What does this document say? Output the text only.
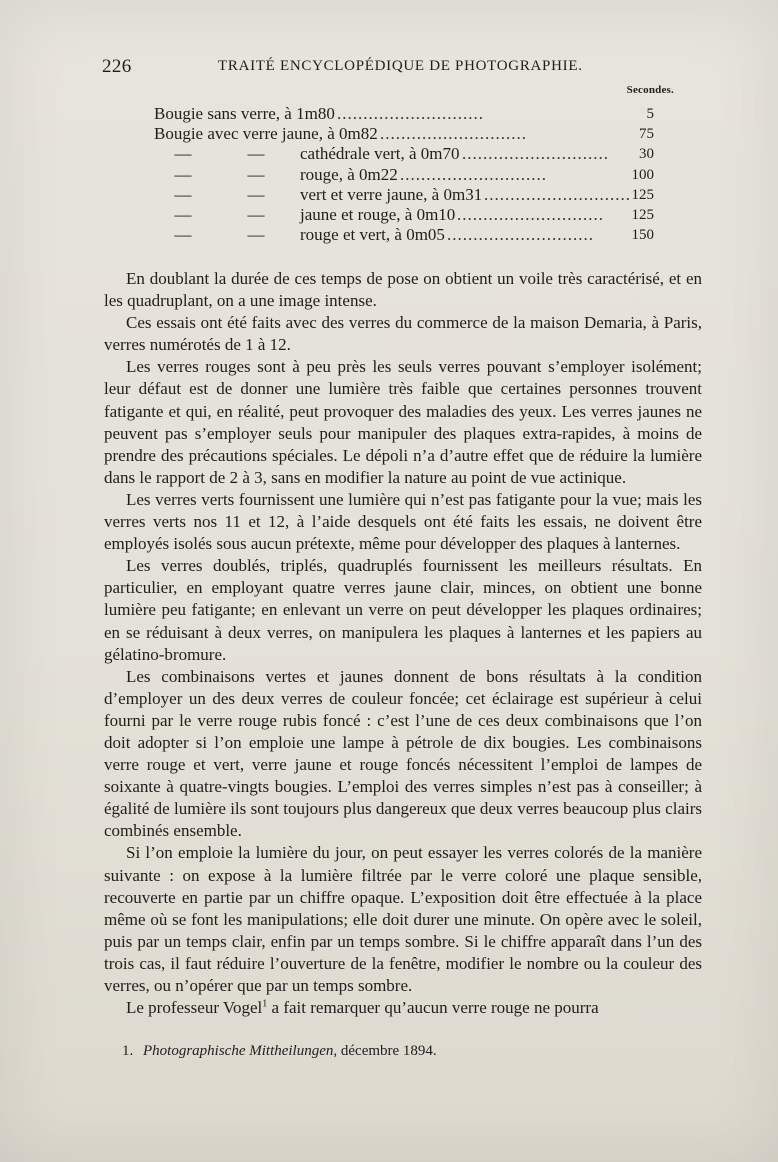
226	TRAITÉ ENCYCLOPÉDIQUE DE PHOTOGRAPHIE.
Secondes.
Bougie sans verre, à 1m80 ............................	5
Bougie avec verre jaune, à 0m82 ............................	75
—	— cathédrale vert, à 0m70 ............................	30
—	— rouge, à 0m22 ............................	100
—	— vert et verre jaune, à 0m31 ............................ 125
—	— jaune et rouge, à 0m10 ............................	125
—	— rouge et vert, à 0m05 ............................	150

En doublant la durée de ces temps de pose on obtient un voile très caractérisé, et en les quadruplant, on a une image intense.

Ces essais ont été faits avec des verres du commerce de la maison Demaria, à Paris, verres numérotés de 1 à 12.

Les verres rouges sont à peu près les seuls verres pouvant s’employer isolément; leur défaut est de donner une lumière très faible que certaines personnes trouvent fatigante et qui, en réalité, peut provoquer des maladies des yeux. Les verres jaunes ne peuvent pas s’employer seuls pour manipuler des plaques extra-rapides, à moins de prendre des précautions spéciales. Le dépoli n’a d’autre effet que de réduire la lumière dans le rapport de 2 à 3, sans en modifier la nature au point de vue actinique.

Les verres verts fournissent une lumière qui n’est pas fatigante pour la vue; mais les verres verts nos 11 et 12, à l’aide desquels ont été faits les essais, ne doivent être employés isolés sous aucun prétexte, même pour développer des plaques à lanternes.

Les verres doublés, triplés, quadruplés fournissent les meilleurs résultats. En particulier, en employant quatre verres jaune clair, minces, on obtient une bonne lumière peu fatigante; en enlevant un verre on peut développer les plaques ordinaires; en se réduisant à deux verres, on manipulera les plaques à lanternes et les papiers au gélatino-bromure.

Les combinaisons vertes et jaunes donnent de bons résultats à la condition d’employer un des deux verres de couleur foncée; cet éclairage est supérieur à celui fourni par le verre rouge rubis foncé : c’est l’une de ces deux combinaisons que l’on doit adopter si l’on emploie une lampe à pétrole de dix bougies. Les combinaisons verre rouge et vert, verre jaune et rouge foncés nécessitent l’emploi de lampes de soixante à quatre-vingts bougies. L’emploi des verres simples n’est pas à conseiller; à égalité de lumière ils sont toujours plus dangereux que deux verres beaucoup plus clairs combinés ensemble.

Si l’on emploie la lumière du jour, on peut essayer les verres colorés de la manière suivante : on expose à la lumière filtrée par le verre coloré une plaque sensible, recouverte en partie par un chiffre opaque. L’exposition doit être effectuée à la place même où se font les manipulations; elle doit durer une minute. On opère avec le soleil, puis par un temps clair, enfin par un temps sombre. Si le chiffre apparaît dans l’un des trois cas, il faut réduire l’ouverture de la fenêtre, modifier le nombre ou la couleur des verres, ou n’opérer que par un temps sombre.

Le professeur Vogel$^1$ a fait remarquer qu’aucun verre rouge ne pourra

1. Photographische Mittheilungen, décembre 1894.
